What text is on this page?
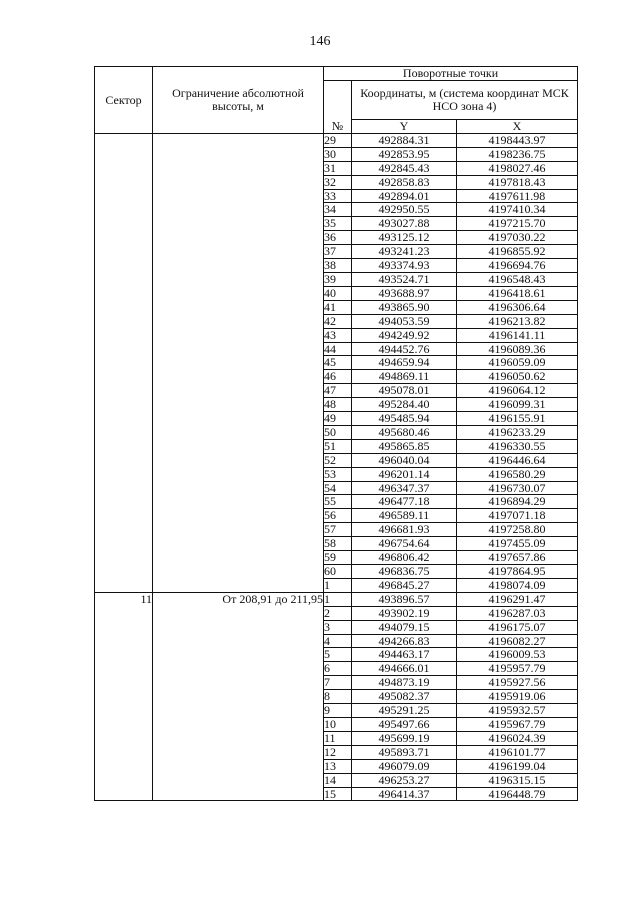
146
Сектор	Ограничение абсолютной высоты, м	Поворотные точки		
		№	Координаты, м (система координат МСК НСО зона 4)	
			Y	X
		29	492884.31	4198443.97
		30	492853.95	4198236.75
		31	492845.43	4198027.46
		32	492858.83	4197818.43
		33	492894.01	4197611.98
		34	492950.55	4197410.34
		35	493027.88	4197215.70
		36	493125.12	4197030.22
		37	493241.23	4196855.92
		38	493374.93	4196694.76
		39	493524.71	4196548.43
		40	493688.97	4196418.61
		41	493865.90	4196306.64
		42	494053.59	4196213.82
		43	494249.92	4196141.11
		44	494452.76	4196089.36
		45	494659.94	4196059.09
		46	494869.11	4196050.62
		47	495078.01	4196064.12
		48	495284.40	4196099.31
		49	495485.94	4196155.91
		50	495680.46	4196233.29
		51	495865.85	4196330.55
		52	496040.04	4196446.64
		53	496201.14	4196580.29
		54	496347.37	4196730.07
		55	496477.18	4196894.29
		56	496589.11	4197071.18
		57	496681.93	4197258.80
		58	496754.64	4197455.09
		59	496806.42	4197657.86
		60	496836.75	4197864.95
		1	496845.27	4198074.09
11	От 208,91 до 211,95	1	493896.57	4196291.47
		2	493902.19	4196287.03
		3	494079.15	4196175.07
		4	494266.83	4196082.27
		5	494463.17	4196009.53
		6	494666.01	4195957.79
		7	494873.19	4195927.56
		8	495082.37	4195919.06
		9	495291.25	4195932.57
		10	495497.66	4195967.79
		11	495699.19	4196024.39
		12	495893.71	4196101.77
		13	496079.09	4196199.04
		14	496253.27	4196315.15
		15	496414.37	4196448.79
